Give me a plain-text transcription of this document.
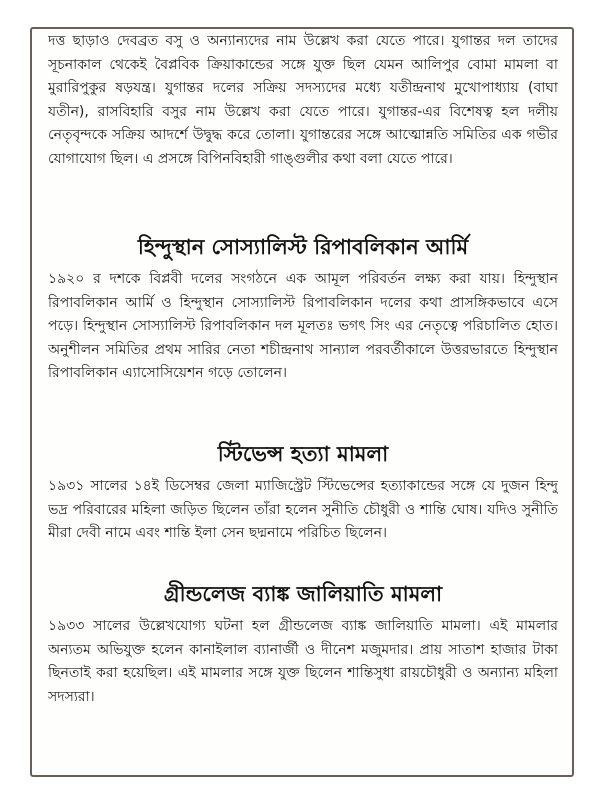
দত্ত ছাড়াও দেবব্রত বসু ও অন্যান্যদের নাম উল্লেখ করা যেতে পারে। যুগান্তর দল তাদের সূচনাকাল থেকেই বৈপ্লবিক ক্রিয়াকান্ডের সঙ্গে যুক্ত ছিল যেমন আলিপুর বোমা মামলা বা মুরারিপুকুর ষড়যন্ত্র। যুগান্তর দলের সক্রিয় সদস্যদের মধ্যে যতীন্দ্রনাথ মুখোপাধ্যায় (বাঘা যতীন), রাসবিহারি বসুর নাম উল্লেখ করা যেতে পারে। যুগান্তর-এর বিশেষত্ব হল দলীয় নেতৃবৃন্দকে সক্রিয় আদর্শে উদ্বুদ্ধ করে তোলা। যুগান্তরের সঙ্গে আত্মোন্নতি সমিতির এক গভীর যোগাযোগ ছিল। এ প্রসঙ্গে বিপিনবিহারী গাঙ্গুলীর কথা বলা যেতে পারে।

হিন্দুস্থান সোস্যালিস্ট রিপাবলিকান আর্মি

১৯২০ র দশকে বিপ্লবী দলের সংগঠনে এক আমূল পরিবর্তন লক্ষ্য করা যায়। হিন্দুস্থান রিপাবলিকান আর্মি ও হিন্দুস্থান সোস্যালিস্ট রিপাবলিকান দলের কথা প্রাসঙ্গিকভাবে এসে পড়ে। হিন্দুস্থান সোস্যালিস্ট রিপাবলিকান দল মূলতঃ ভগৎ সিং এর নেতৃত্বে পরিচালিত হোত। অনুশীলন সমিতির প্রথম সারির নেতা শচীন্দ্রনাথ সান্যাল পরবর্তীকালে উত্তরভারতে হিন্দুস্থান রিপাবলিকান এ্যাসোসিয়েশন গড়ে তোলেন।

স্টিভেন্স হত্যা মামলা

১৯৩১ সালের ১৪ই ডিসেম্বর জেলা ম্যাজিস্ট্রেট স্টিভেন্সের হত্যাকান্ডের সঙ্গে যে দুজন হিন্দু ভদ্র পরিবারের মহিলা জড়িত ছিলেন তাঁরা হলেন সুনীতি চৌধুরী ও শান্তি ঘোষ। যদিও সুনীতি মীরা দেবী নামে এবং শান্তি ইলা সেন ছদ্মনামে পরিচিত ছিলেন।

গ্রীন্ডলেজ ব্যাঙ্ক জালিয়াতি মামলা

১৯৩৩ সালের উল্লেখযোগ্য ঘটনা হল গ্রীন্ডলেজ ব্যাঙ্ক জালিয়াতি মামলা। এই মামলার অন্যতম অভিযুক্ত হলেন কানাইলাল ব্যানার্জী ও দীনেশ মজুমদার। প্রায় সাতাশ হাজার টাকা ছিনতাই করা হয়েছিল। এই মামলার সঙ্গে যুক্ত ছিলেন শান্তিসুধা রায়চৌধুরী ও অন্যান্য মহিলা সদস্যরা।
